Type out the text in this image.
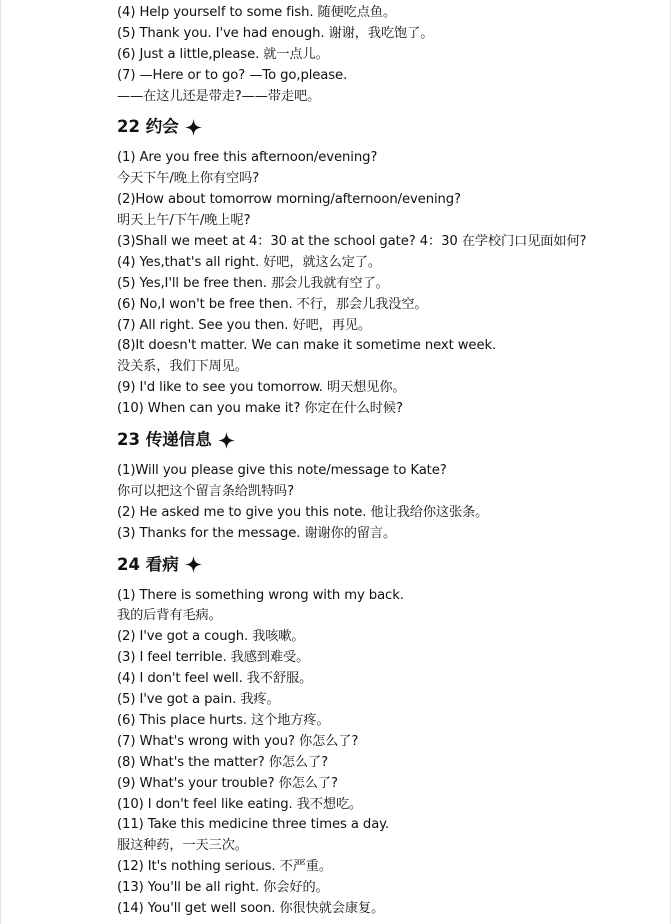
(4) Help yourself to some fish. 随便吃点鱼。
(5) Thank you. I've had enough. 谢谢，我吃饱了。
(6) Just a little,please. 就一点儿。
(7) —Here or to go? —To go,please.
——在这儿还是带走?——带走吧。
22 约会
(1) Are you free this afternoon/evening?
今天下午/晚上你有空吗?
(2)How about tomorrow morning/afternoon/evening?
明天上午/下午/晚上呢?
(3)Shall we meet at 4：30 at the school gate? 4：30 在学校门口见面如何?
(4) Yes,that's all right. 好吧，就这么定了。
(5) Yes,I'll be free then. 那会儿我就有空了。
(6) No,I won't be free then. 不行，那会儿我没空。
(7) All right. See you then. 好吧，再见。
(8)It doesn't matter. We can make it sometime next week.
没关系，我们下周见。
(9) I'd like to see you tomorrow. 明天想见你。
(10) When can you make it? 你定在什么时候?
23 传递信息
(1)Will you please give this note/message to Kate?
你可以把这个留言条给凯特吗?
(2) He asked me to give you this note. 他让我给你这张条。
(3) Thanks for the message. 谢谢你的留言。
24 看病
(1) There is something wrong with my back.
我的后背有毛病。
(2) I've got a cough. 我咳嗽。
(3) I feel terrible. 我感到难受。
(4) I don't feel well. 我不舒服。
(5) I've got a pain. 我疼。
(6) This place hurts. 这个地方疼。
(7) What's wrong with you? 你怎么了?
(8) What's the matter? 你怎么了?
(9) What's your trouble? 你怎么了?
(10) I don't feel like eating. 我不想吃。
(11) Take this medicine three times a day.
服这种药，一天三次。
(12) It's nothing serious. 不严重。
(13) You'll be all right. 你会好的。
(14) You'll get well soon. 你很快就会康复。
